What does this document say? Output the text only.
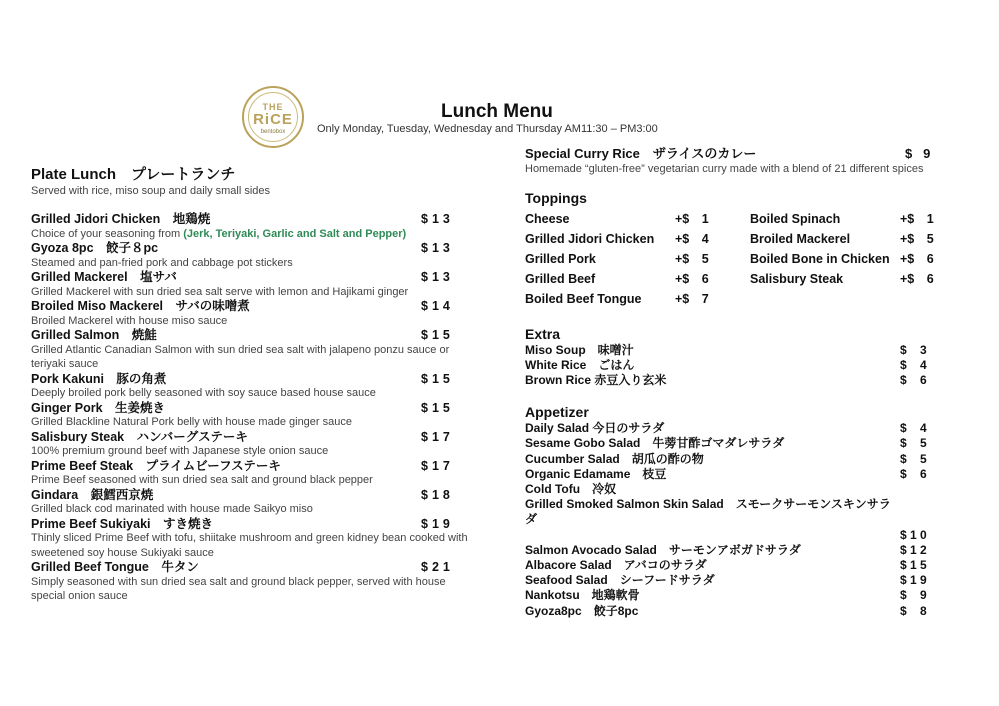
THE
RiCE
bentobox
Lunch Menu
Only Monday, Tuesday, Wednesday and Thursday AM11:30 – PM3:00
Plate Lunch　プレートランチ
Served with rice, miso soup and daily small sides
Grilled Jidori Chicken　地鶏焼	$13
Choice of your seasoning from (Jerk, Teriyaki, Garlic and Salt and Pepper)
Gyoza 8pc　餃子８pc	$13
Steamed and pan-fried pork and cabbage pot stickers
Grilled Mackerel　塩サバ	$13
Grilled Mackerel with sun dried sea salt serve with lemon and Hajikami ginger
Broiled Miso Mackerel　サバの味噌煮	$14
Broiled Mackerel with house miso sauce
Grilled Salmon　焼鮭	$15
Grilled Atlantic Canadian Salmon with sun dried sea salt with jalapeno ponzu sauce or teriyaki sauce
Pork Kakuni　豚の角煮	$15
Deeply broiled pork belly seasoned with soy sauce based house sauce
Ginger Pork　生姜焼き	$15
Grilled Blackline Natural Pork belly with house made ginger sauce
Salisbury Steak　ハンバーグステーキ	$17
100% premium ground beef with Japanese style onion sauce
Prime Beef Steak　プライムビーフステーキ	$17
Prime Beef seasoned with sun dried sea salt and ground black pepper
Gindara　銀鱈西京焼	$18
Grilled black cod marinated with house made Saikyo miso
Prime Beef Sukiyaki　すき焼き	$19
Thinly sliced Prime Beef with tofu, shiitake mushroom and green kidney bean cooked with sweetened soy house Sukiyaki sauce
Grilled Beef Tongue　牛タン	$21
Simply seasoned with sun dried sea salt and ground black pepper, served with house special onion sauce
Special Curry Rice　ザライスのカレー	$   9
Homemade “gluten-free” vegetarian curry made with a blend of 21 different spices
Toppings
Cheese	+$　1	Boiled Spinach	+$　1
Grilled Jidori Chicken	+$　4	Broiled Mackerel	+$　5
Grilled Pork	+$　5	Boiled Bone in Chicken +$　6
Grilled Beef	+$　6	Salisbury Steak	+$　6
Boiled Beef Tongue	+$　7
Extra
Miso Soup　味噌汁	$    3
White Rice　ごはん	$    4
Brown Rice 赤豆入り玄米	$    6
Appetizer
Daily Salad 今日のサラダ	$    4
Sesame Gobo Salad　牛蒡甘酢ゴマダレサラダ	$    5
Cucumber Salad　胡瓜の酢の物	$    5
Organic Edamame　枝豆	$    6
Cold Tofu　冷奴
Grilled Smoked Salmon Skin Salad　スモークサーモンスキンサラダ
$ 1 0
Salmon Avocado Salad　サーモンアボガドサラダ	$ 1 2
Albacore Salad　アバコのサラダ	$ 1 5
Seafood Salad　シーフードサラダ	$ 1 9
Nankotsu　地鶏軟骨	$    9
Gyoza8pc　餃子8pc	$    8
